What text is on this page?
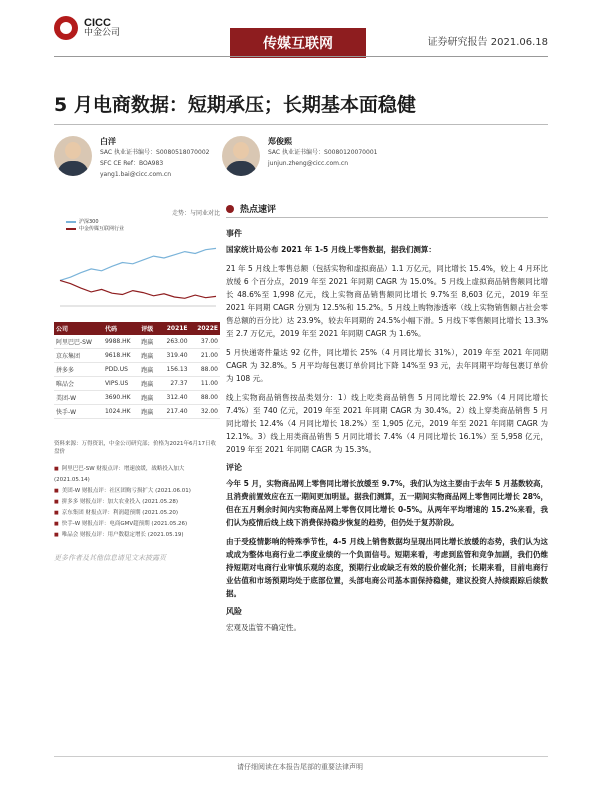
CICC
中金公司
传媒互联网	证券研究报告 2021.06.18
5 月电商数据：短期承压；长期基本面稳健
白洋
SAC 执业证书编号：S0080518070002
SFC CE Ref：BOA983
yang1.bai@cicc.com.cn
郑俊熙
SAC 执业证书编号：S0080120070001
junjun.zheng@cicc.com.cn
走势：与同业对比
沪深300
中金传媒互联网行业
公司	代码	评级	2021E	2022E
阿里巴巴-SW	9988.HK	跑赢	263.00	37.00
京东集团	9618.HK	跑赢	319.40	21.00
拼多多	PDD.US	跑赢	156.13	88.00
唯品会	VIPS.US	跑赢	27.37	11.00
美团-W	3690.HK	跑赢	312.40	88.00
快手-W	1024.HK	跑赢	217.40	32.00
资料来源：万得资讯，中金公司研究部；价格为2021年6月17日收盘价
■ 阿里巴巴-SW 财报点评：增速放缓，战略投入加大 (2021.05.14)
■ 美团-W 财报点评：社区团购亏损扩大 (2021.06.01)
■ 拼多多 财报点评：加大农业投入 (2021.05.28)
■ 京东集团 财报点评：利润超预期 (2021.05.20)
■ 快手-W 财报点评：电商GMV超预期 (2021.05.26)
■ 唯品会 财报点评：用户数稳定增长 (2021.05.19)
更多作者及其他信息请见文末披露页
热点速评
事件

国家统计局公布 2021 年 1-5 月线上零售数据，据我们测算：

21 年 5 月线上零售总额（包括实物和虚拟商品）1.1 万亿元，同比增长 15.4%，较上 4 月环比放缓 6 个百分点，2019 年至 2021 年同期 CAGR 为 15.0%。5 月线上虚拟商品销售额同比增长 48.6%至 1,998 亿元，线上实物商品销售额同比增长 9.7%至 8,603 亿元，2019 年至 2021 年同期 CAGR 分别为 12.5%和 15.2%。5 月线上购物渗透率（线上实物销售额占社会零售总额的百分比）达 23.9%，较去年同期的 24.5%小幅下滑。5 月线下零售额同比增长 13.3%至 2.7 万亿元，2019 年至 2021 年同期 CAGR 为 1.6%。

5 月快递寄件量达 92 亿件，同比增长 25%（4 月同比增长 31%），2019 年至 2021 年同期 CAGR 为 32.8%。5 月平均每包裹订单价同比下降 14%至 93 元，去年同期平均每包裹订单价为 108 元。

线上实物商品销售按品类划分：1）线上吃类商品销售 5 月同比增长 22.9%（4 月同比增长 7.4%）至 740 亿元，2019 年至 2021 年同期 CAGR 为 30.4%。2）线上穿类商品销售 5 月同比增长 12.4%（4 月同比增长 18.2%）至 1,905 亿元，2019 年至 2021 年同期 CAGR 为 12.1%。3）线上用类商品销售 5 月同比增长 7.4%（4 月同比增长 16.1%）至 5,958 亿元，2019 年至 2021 年同期 CAGR 为 15.3%。

评论

今年 5 月，实物商品网上零售同比增长放缓至 9.7%，我们认为这主要由于去年 5 月基数较高，且消费前置效应在五一期间更加明显。据我们测算，五一期间实物商品网上零售同比增长 28%，但在五月剩余时间内实物商品网上零售仅同比增长 0-5%。从两年平均增速的 15.2%来看，我们认为疫情后线上线下消费保持稳步恢复的趋势，但仍处于复苏阶段。

由于受疫情影响的特殊季节性，4-5 月线上销售数据均呈现出同比增长放缓的态势，我们认为这或成为整体电商行业二季度业绩的一个负面信号。短期来看，考虑到监管和竞争加剧，我们仍维持短期对电商行业审慎乐观的态度，预期行业或缺乏有效的股价催化剂；长期来看，目前电商行业估值和市场预期均处于底部位置，头部电商公司基本面保持稳健，建议投资人持续跟踪后续数据。

风险

宏观及监管不确定性。

请仔细阅读在本报告尾部的重要法律声明
